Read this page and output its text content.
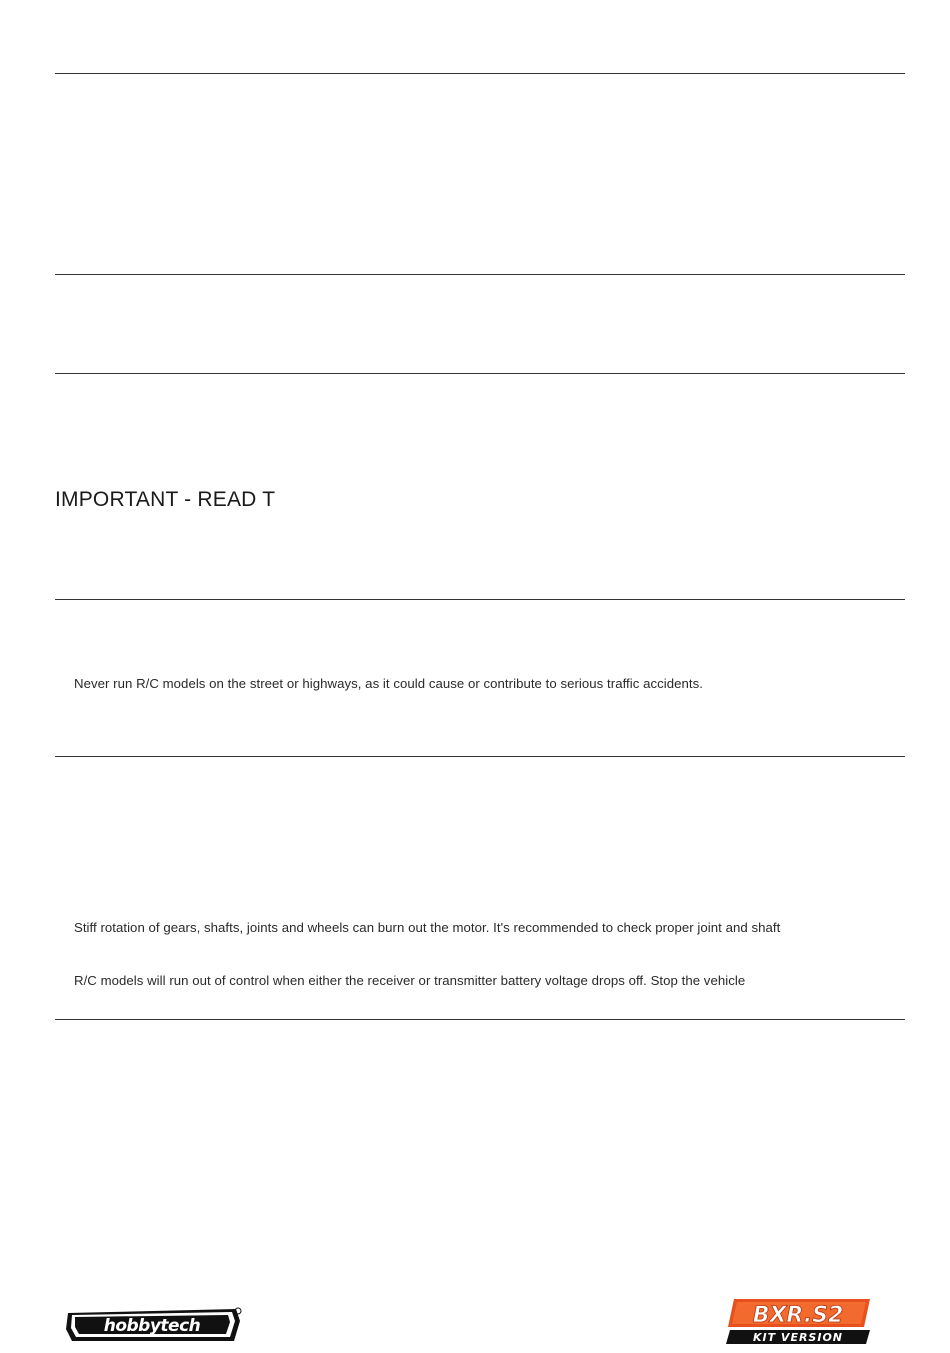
IMPORTANT - READ T
Never run R/C models on the street or highways, as it could cause or contribute to serious traffic accidents.
Stiff rotation of gears, shafts, joints and wheels can burn out the motor. It's recommended to check proper joint and shaft
R/C models will run out of control when either the receiver or transmitter battery voltage drops off. Stop the vehicle
hobbytech	BXR.S2
KIT VERSION
